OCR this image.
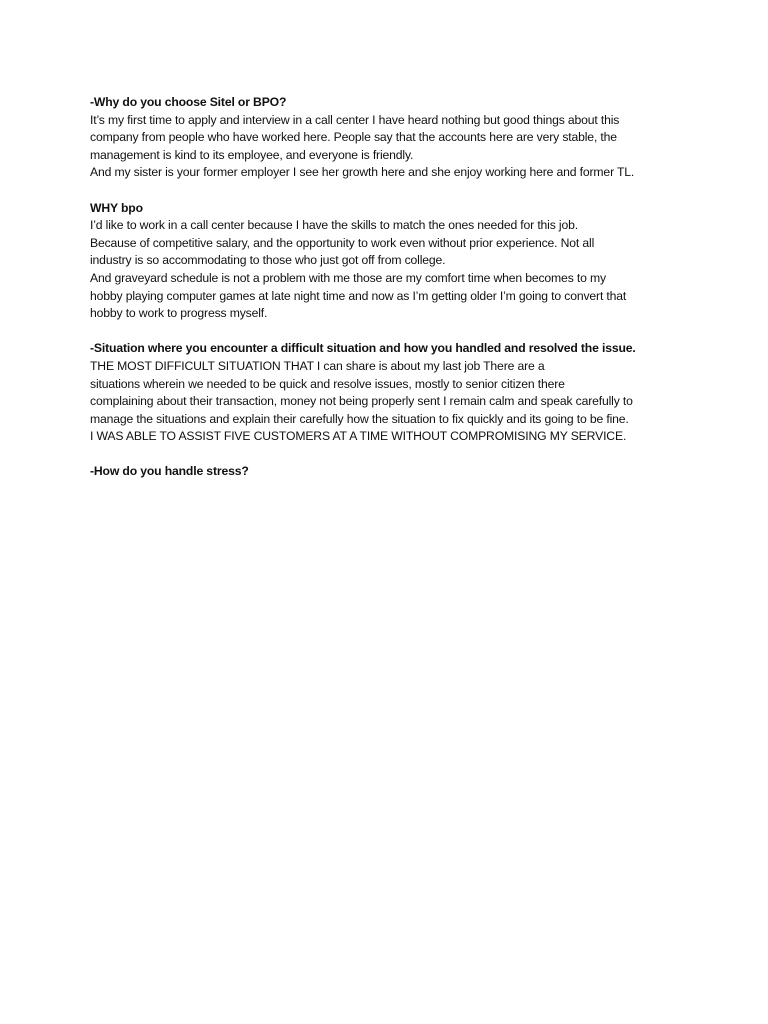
-Why do you choose Sitel or BPO?
It’s my first time to apply and interview in a call center I have heard nothing but good things about this
company from people who have worked here. People say that the accounts here are very stable, the
management is kind to its employee, and everyone is friendly.
And my sister is your former employer I see her growth here and she enjoy working here and former TL.
WHY bpo
I’d like to work in a call center because I have the skills to match the ones needed for this job.
Because of competitive salary, and the opportunity to work even without prior experience. Not all
industry is so accommodating to those who just got off from college.
And graveyard schedule is not a problem with me those are my comfort time when becomes to my
hobby playing computer games at late night time and now as I’m getting older I’m going to convert that
hobby to work to progress myself.
-Situation where you encounter a difficult situation and how you handled and resolved the issue.
THE MOST DIFFICULT SITUATION THAT I can share is about my last job There are a
situations wherein we needed to be quick and resolve issues, mostly to senior citizen there
complaining about their transaction, money not being properly sent I remain calm and speak carefully to
manage the situations and explain their carefully how the situation to fix quickly and its going to be fine.
I WAS ABLE TO ASSIST FIVE CUSTOMERS AT A TIME WITHOUT COMPROMISING MY SERVICE.
-How do you handle stress?
